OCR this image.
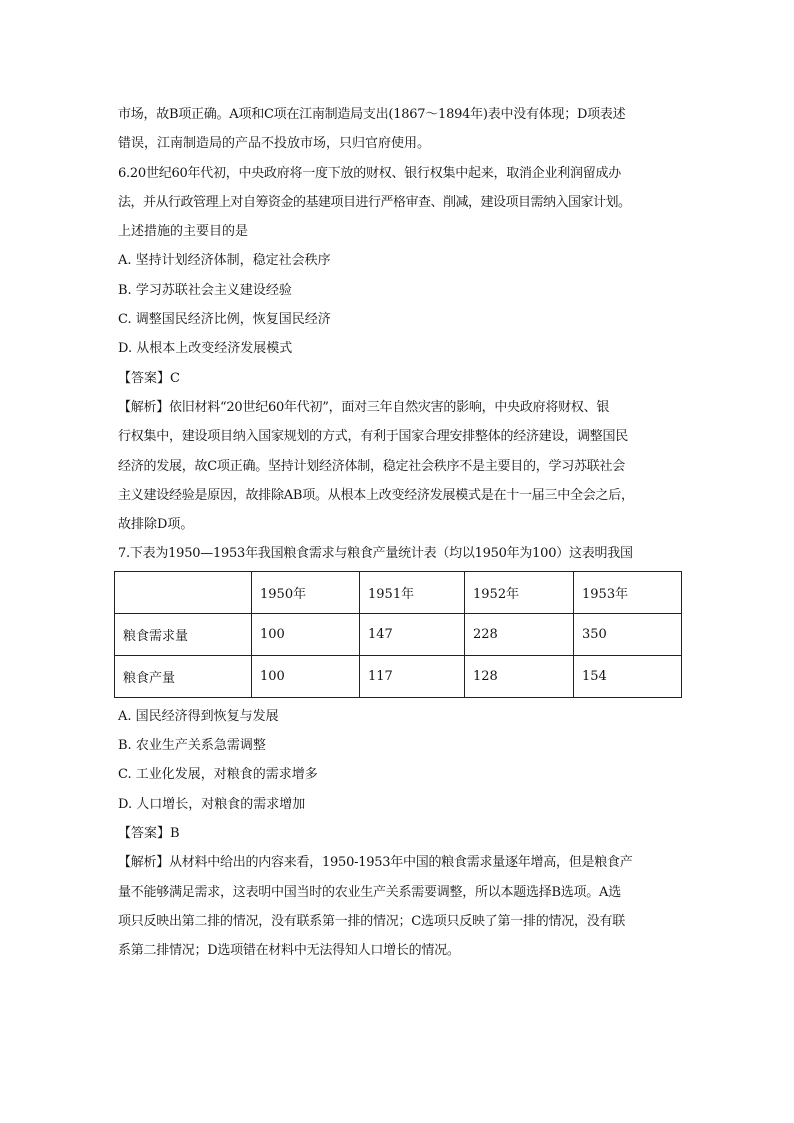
市场，故B项正确。A项和C项在江南制造局支出(1867～1894年)表中没有体现；D项表述
错误，江南制造局的产品不投放市场，只归官府使用。
6.20世纪60年代初，中央政府将一度下放的财权、银行权集中起来，取消企业利润留成办
法，并从行政管理上对自筹资金的基建项目进行严格审查、削减，建设项目需纳入国家计划。
上述措施的主要目的是
A. 坚持计划经济体制，稳定社会秩序
B. 学习苏联社会主义建设经验
C. 调整国民经济比例，恢复国民经济
D. 从根本上改变经济发展模式
【答案】C
【解析】依旧材料“20世纪60年代初”，面对三年自然灾害的影响，中央政府将财权、银
行权集中，建设项目纳入国家规划的方式，有利于国家合理安排整体的经济建设，调整国民
经济的发展，故C项正确。坚持计划经济体制，稳定社会秩序不是主要目的，学习苏联社会
主义建设经验是原因，故排除AB项。从根本上改变经济发展模式是在十一届三中全会之后，
故排除D项。
7.下表为1950—1953年我国粮食需求与粮食产量统计表（均以1950年为100）这表明我国
	1950年	1951年	1952年	1953年
粮食需求量	100	147	228	350
粮食产量	100	117	128	154
A. 国民经济得到恢复与发展
B. 农业生产关系急需调整
C. 工业化发展，对粮食的需求增多
D. 人口增长，对粮食的需求增加
【答案】B
【解析】从材料中给出的内容来看，1950-1953年中国的粮食需求量逐年增高，但是粮食产
量不能够满足需求，这表明中国当时的农业生产关系需要调整，所以本题选择B选项。A选
项只反映出第二排的情况，没有联系第一排的情况；C选项只反映了第一排的情况，没有联
系第二排情况；D选项错在材料中无法得知人口增长的情况。
